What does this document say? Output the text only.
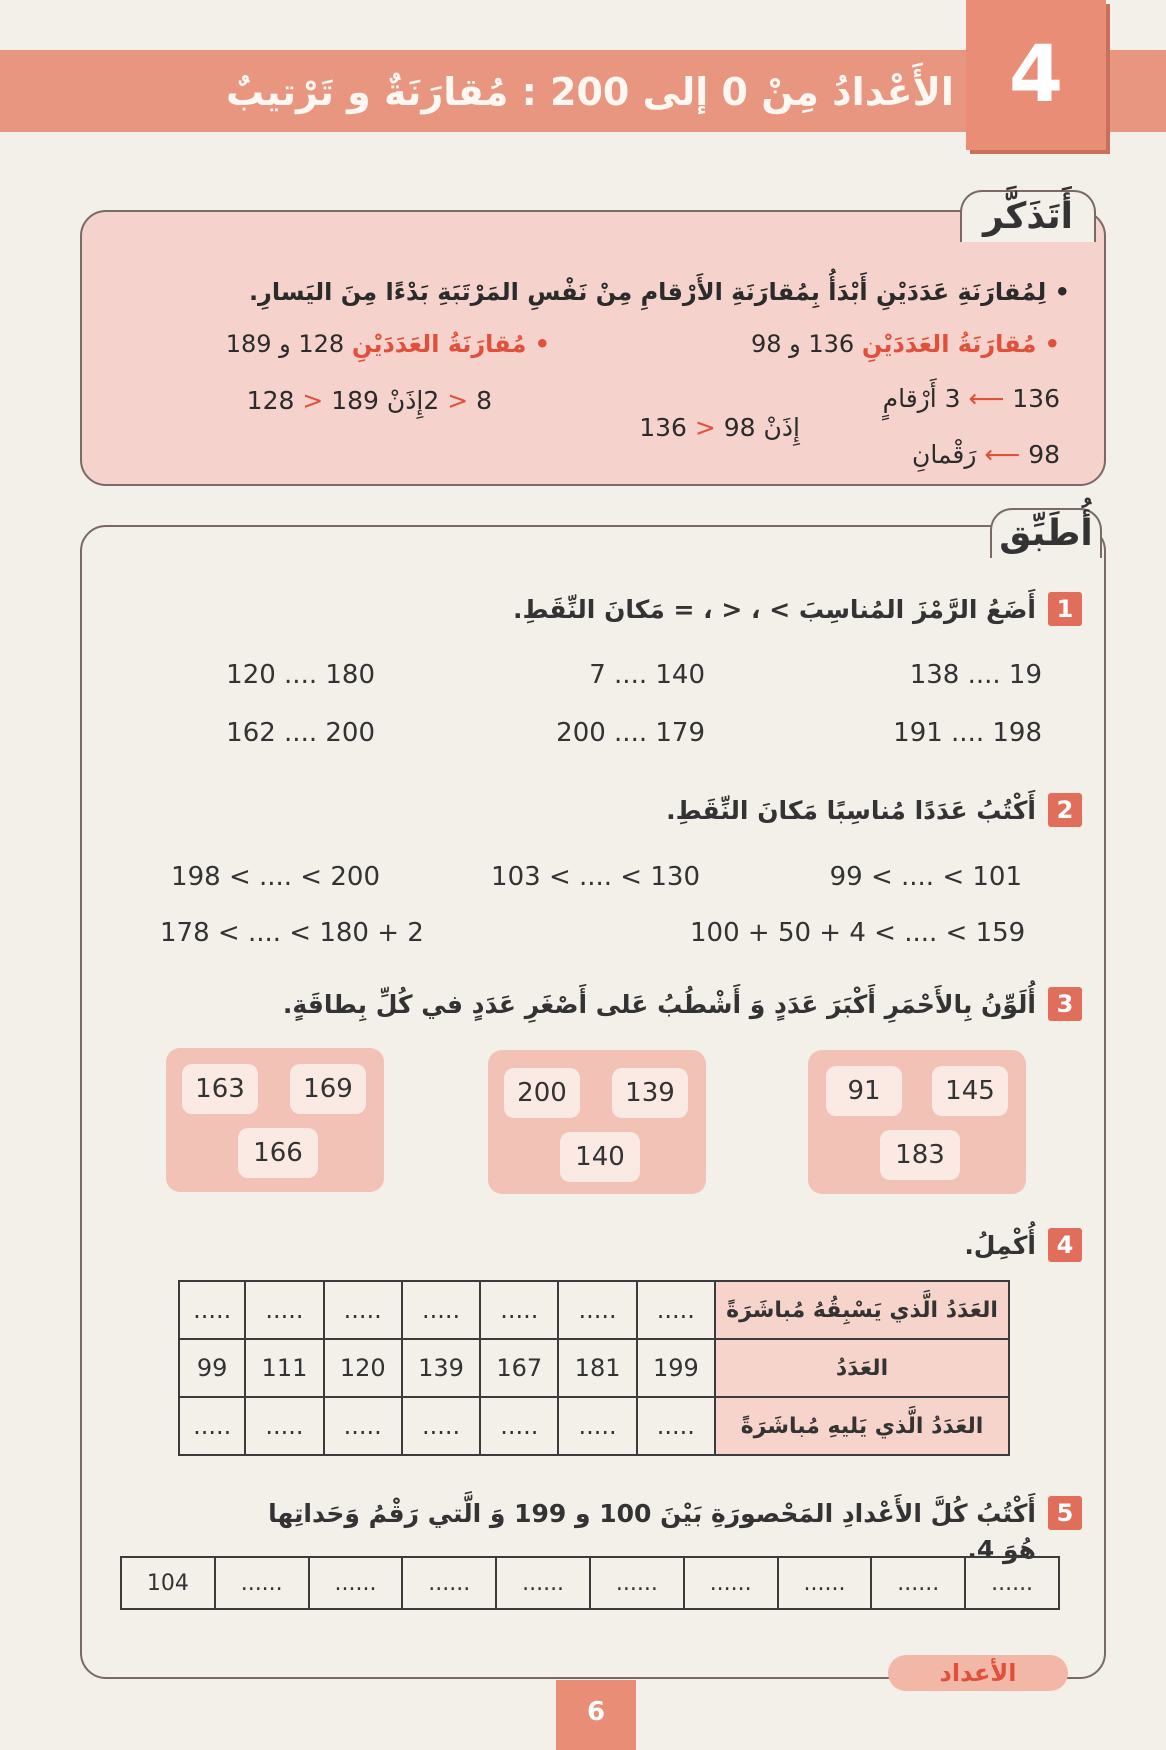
الأَعْدادُ مِنْ 0 إلى 200 : مُقارَنَةٌ و تَرْتيبٌ 4
أَتَذَكَّر
• لِمُقارَنَةِ عَدَدَيْنِ أَبْدَأُ بِمُقارَنَةِ الأَرْقامِ مِنْ نَفْسِ المَرْتَبَةِ بَدْءًا مِنَ اليَسارِ.
• مُقارَنَةُ العَدَدَيْنِ 136 و 98
136 ⟵ 3 أَرْقامٍ
98 ⟵ رَقْمانِ
إِذَنْ 136 > 98
• مُقارَنَةُ العَدَدَيْنِ 128 و 189
2 > 8 إِذَنْ 128 > 189
أُطَبِّق
1
أَضَعُ الرَّمْزَ المُناسِبَ > ، < ، = مَكانَ النِّقَطِ.
138 .... 19
7 .... 140
120 .... 180
191 .... 198
200 .... 179
162 .... 200
2
أَكْتُبُ عَدَدًا مُناسِبًا مَكانَ النِّقَطِ.
99 < .... < 101
103 < .... < 130
198 < .... < 200
100 + 50 + 4 < .... < 159
178 < .... < 180 + 2
3
أُلَوِّنُ بِالأَحْمَرِ أَكْبَرَ عَدَدٍ وَ أَشْطُبُ عَلى أَصْغَرِ عَدَدٍ في كُلِّ بِطاقَةٍ.
91	145
183
200	139
140
163	169
166
4
أُكْمِلُ.
العَدَدُ الَّذي يَسْبِقُهُ مُباشَرَةً	.....	.....	.....	.....	.....	.....	.....
العَدَدُ	199	181	167	139	120	111	99
العَدَدُ الَّذي يَليهِ مُباشَرَةً	.....	.....	.....	.....	.....	.....	.....
5
أَكْتُبُ كُلَّ الأَعْدادِ المَحْصورَةِ بَيْنَ 100 و 199 وَ الَّتي رَقْمُ وَحَداتِها هُوَ 4.
104	......	......	......	......	......	......	......	......	......
الأعداد
6
